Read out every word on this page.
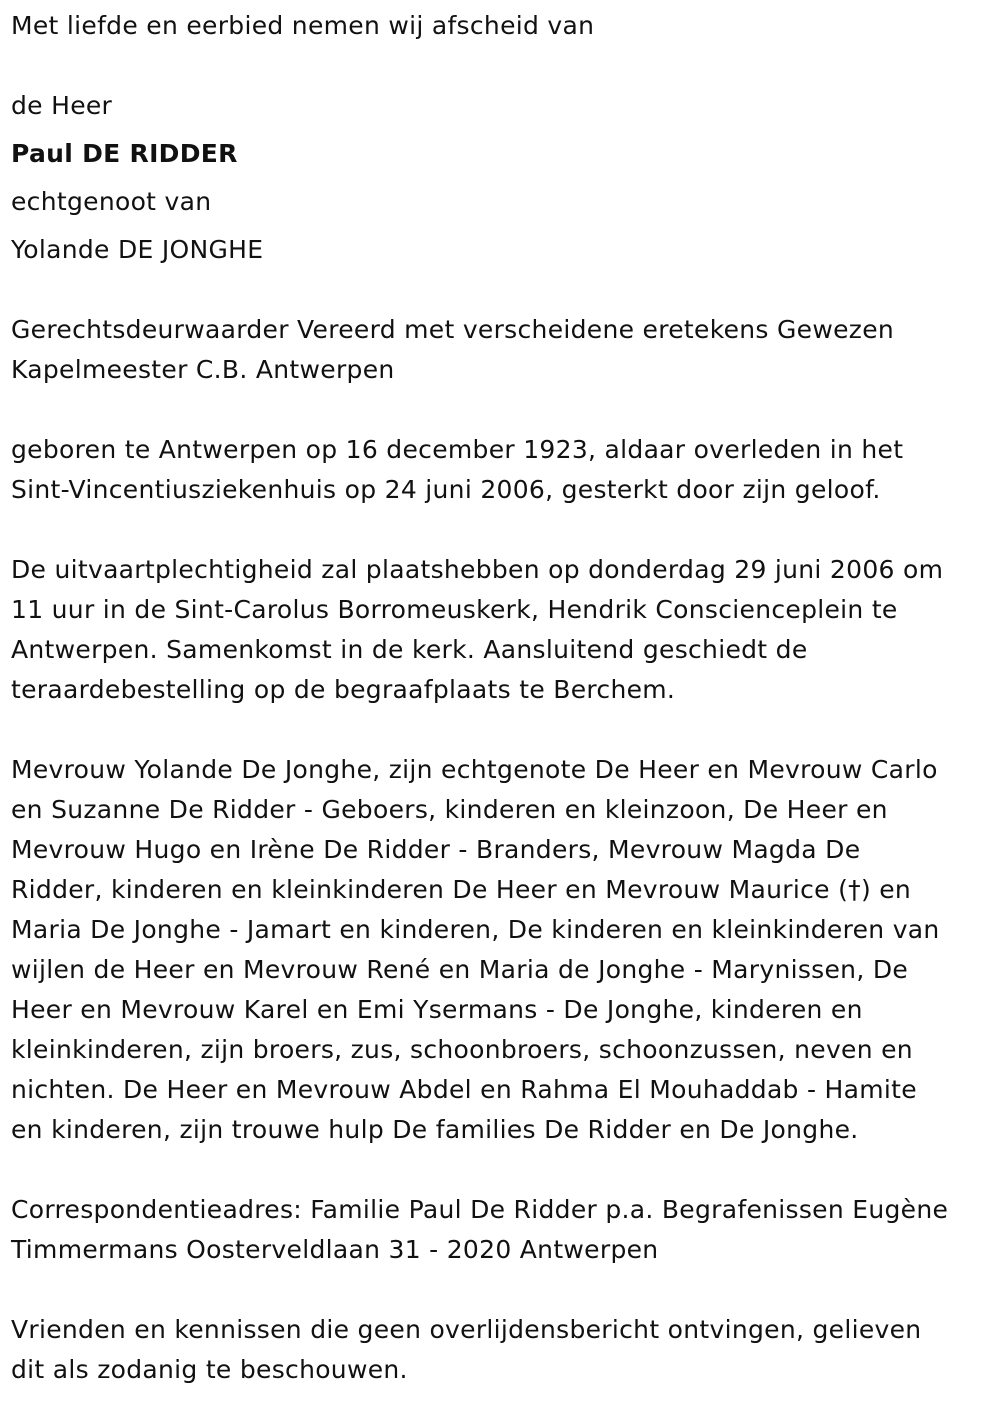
Met liefde en eerbied nemen wij afscheid van
de Heer
Paul DE RIDDER
echtgenoot van
Yolande DE JONGHE
Gerechtsdeurwaarder Vereerd met verscheidene eretekens Gewezen
Kapelmeester C.B. Antwerpen
geboren te Antwerpen op 16 december 1923, aldaar overleden in het
Sint-Vincentiusziekenhuis op 24 juni 2006, gesterkt door zijn geloof.
De uitvaartplechtigheid zal plaatshebben op donderdag 29 juni 2006 om
11 uur in de Sint-Carolus Borromeuskerk, Hendrik Conscienceplein te
Antwerpen. Samenkomst in de kerk. Aansluitend geschiedt de
teraardebestelling op de begraafplaats te Berchem.
Mevrouw Yolande De Jonghe, zijn echtgenote De Heer en Mevrouw Carlo
en Suzanne De Ridder - Geboers, kinderen en kleinzoon, De Heer en
Mevrouw Hugo en Irène De Ridder - Branders, Mevrouw Magda De
Ridder, kinderen en kleinkinderen De Heer en Mevrouw Maurice (†) en
Maria De Jonghe - Jamart en kinderen, De kinderen en kleinkinderen van
wijlen de Heer en Mevrouw René en Maria de Jonghe - Marynissen, De
Heer en Mevrouw Karel en Emi Ysermans - De Jonghe, kinderen en
kleinkinderen, zijn broers, zus, schoonbroers, schoonzussen, neven en
nichten. De Heer en Mevrouw Abdel en Rahma El Mouhaddab - Hamite
en kinderen, zijn trouwe hulp De families De Ridder en De Jonghe.
Correspondentieadres: Familie Paul De Ridder p.a. Begrafenissen Eugène
Timmermans Oosterveldlaan 31 - 2020 Antwerpen
Vrienden en kennissen die geen overlijdensbericht ontvingen, gelieven
dit als zodanig te beschouwen.
